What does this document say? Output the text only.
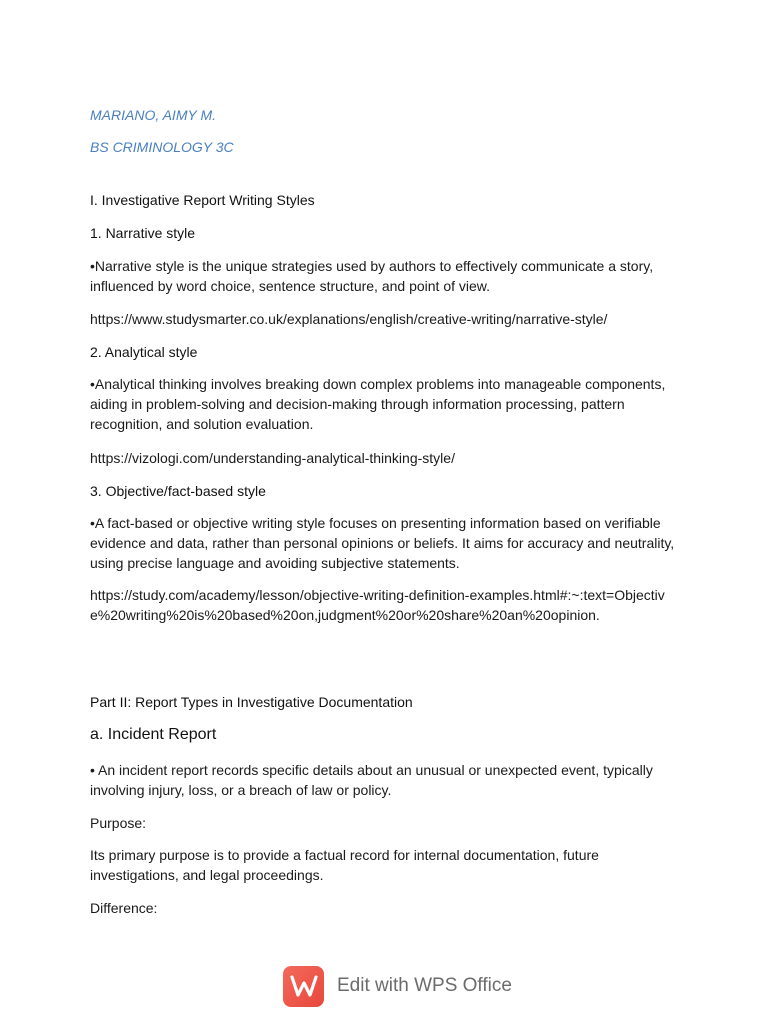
MARIANO, AIMY M.

BS CRIMINOLOGY 3C

I. Investigative Report Writing Styles

1. Narrative style

•Narrative style is the unique strategies used by authors to effectively communicate a story, influenced by word choice, sentence structure, and point of view.

https://www.studysmarter.co.uk/explanations/english/creative-writing/narrative-style/

2. Analytical style

•Analytical thinking involves breaking down complex problems into manageable components, aiding in problem-solving and decision-making through information processing, pattern recognition, and solution evaluation.

https://vizologi.com/understanding-analytical-thinking-style/

3. Objective/fact-based style

•A fact-based or objective writing style focuses on presenting information based on verifiable evidence and data, rather than personal opinions or beliefs. It aims for accuracy and neutrality, using precise language and avoiding subjective statements.

https://study.com/academy/lesson/objective-writing-definition-examples.html#:~:text=Objective%20writing%20is%20based%20on,judgment%20or%20share%20an%20opinion.

Part II: Report Types in Investigative Documentation

a. Incident Report

• An incident report records specific details about an unusual or unexpected event, typically involving injury, loss, or a breach of law or policy.

Purpose:

Its primary purpose is to provide a factual record for internal documentation, future investigations, and legal proceedings.

Difference:

Edit with WPS Office
